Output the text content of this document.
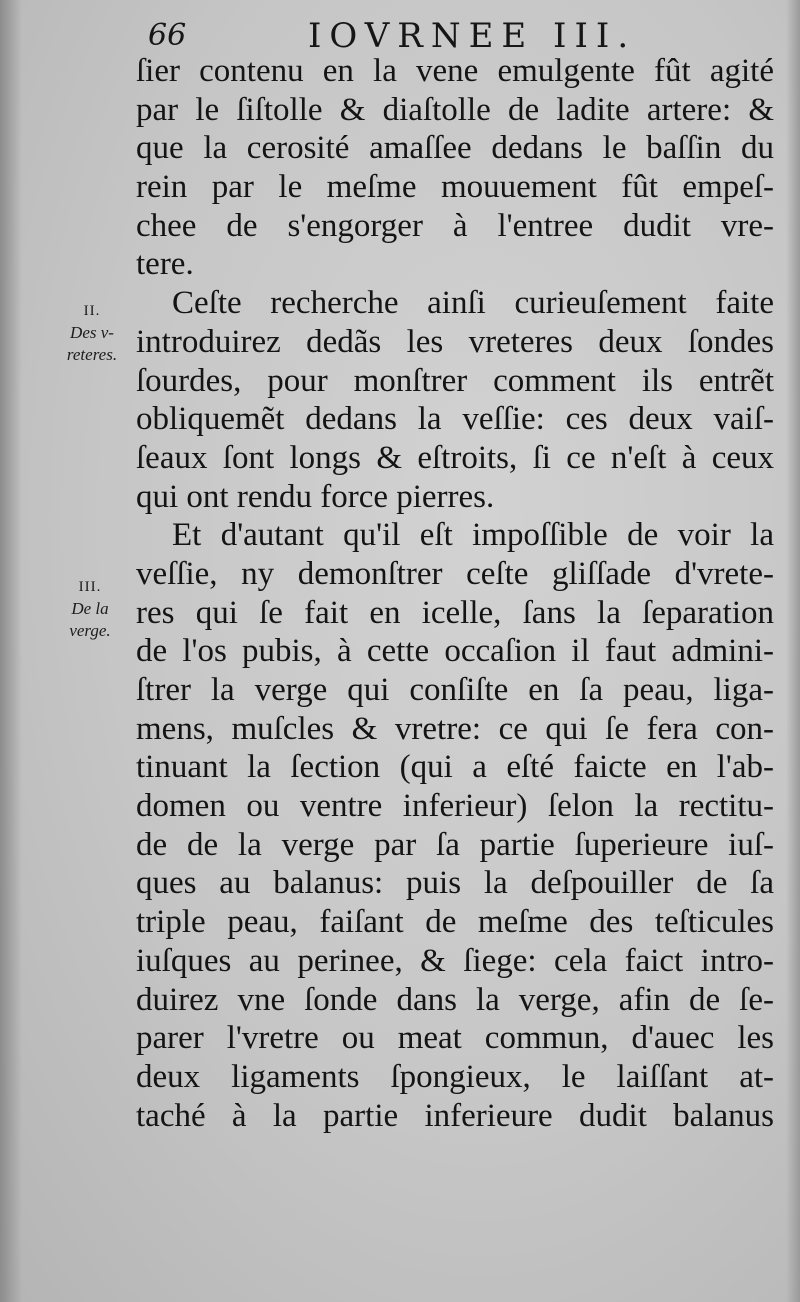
66	IOVRNEE III.
II.
Des v-
reteres.
III.
De la
verge.
ſier contenu en la vene emulgente fût agité
par le ſiſtolle & diaſtolle de ladite artere: &
que la cerosité amaſſee dedans le baſſin du
rein par le meſme mouuement fût empeſ-
chee de s'engorger à l'entree dudit vre-
tere.
Ceſte recherche ainſi curieuſement faite
introduirez dedãs les vreteres deux ſondes
ſourdes, pour monſtrer comment ils entrẽt
obliquemẽt dedans la veſſie: ces deux vaiſ-
ſeaux ſont longs & eſtroits, ſi ce n'eſt à ceux
qui ont rendu force pierres.
Et d'autant qu'il eſt impoſſible de voir la
veſſie, ny demonſtrer ceſte gliſſade d'vrete-
res qui ſe fait en icelle, ſans la ſeparation
de l'os pubis, à cette occaſion il faut admini-
ſtrer la verge qui conſiſte en ſa peau, liga-
mens, muſcles & vretre: ce qui ſe fera con-
tinuant la ſection (qui a eſté faicte en l'ab-
domen ou ventre inferieur) ſelon la rectitu-
de de la verge par ſa partie ſuperieure iuſ-
ques au balanus: puis la deſpouiller de ſa
triple peau, faiſant de meſme des teſticules
iuſques au perinee, & ſiege: cela faict intro-
duirez vne ſonde dans la verge, afin de ſe-
parer l'vretre ou meat commun, d'auec les
deux ligaments ſpongieux, le laiſſant at-
taché à la partie inferieure dudit balanus
